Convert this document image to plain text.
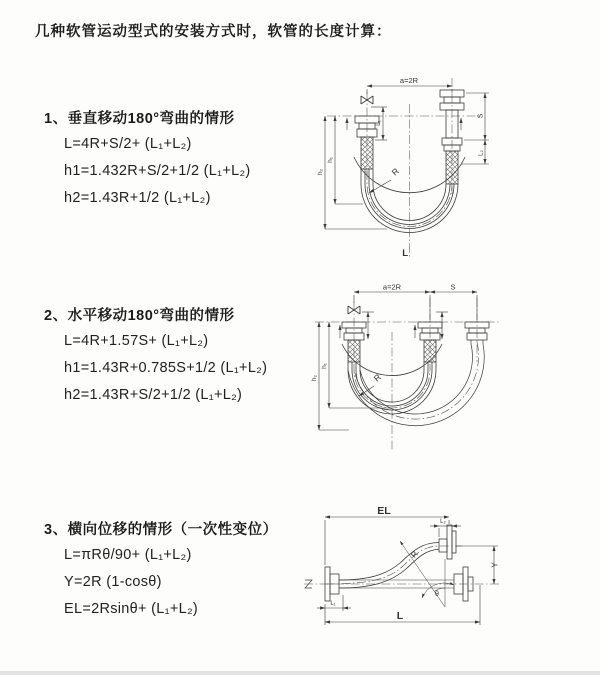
几种软管运动型式的安装方式时，软管的长度计算：
1、垂直移动180°弯曲的情形
L=4R+S/2+ (L₁+L₂)
h1=1.432R+S/2+1/2 (L₁+L₂)
h2=1.43R+1/2 (L₁+L₂)
2、水平移动180°弯曲的情形
L=4R+1.57S+ (L₁+L₂)
h1=1.43R+0.785S+1/2 (L₁+L₂)
h2=1.43R+S/2+1/2 (L₁+L₂)
3、横向位移的情形（一次性变位）
L=πRθ/90+ (L₁+L₂)
Y=2R (1-cosθ)
EL=2Rsinθ+ (L₁+L₂)
a=2R
S
L₂
L₁
h₁
h₂	R
L
a=2R	S
h₁
h₂	R
EL
L₂
Y
R
θ
L
L₁
